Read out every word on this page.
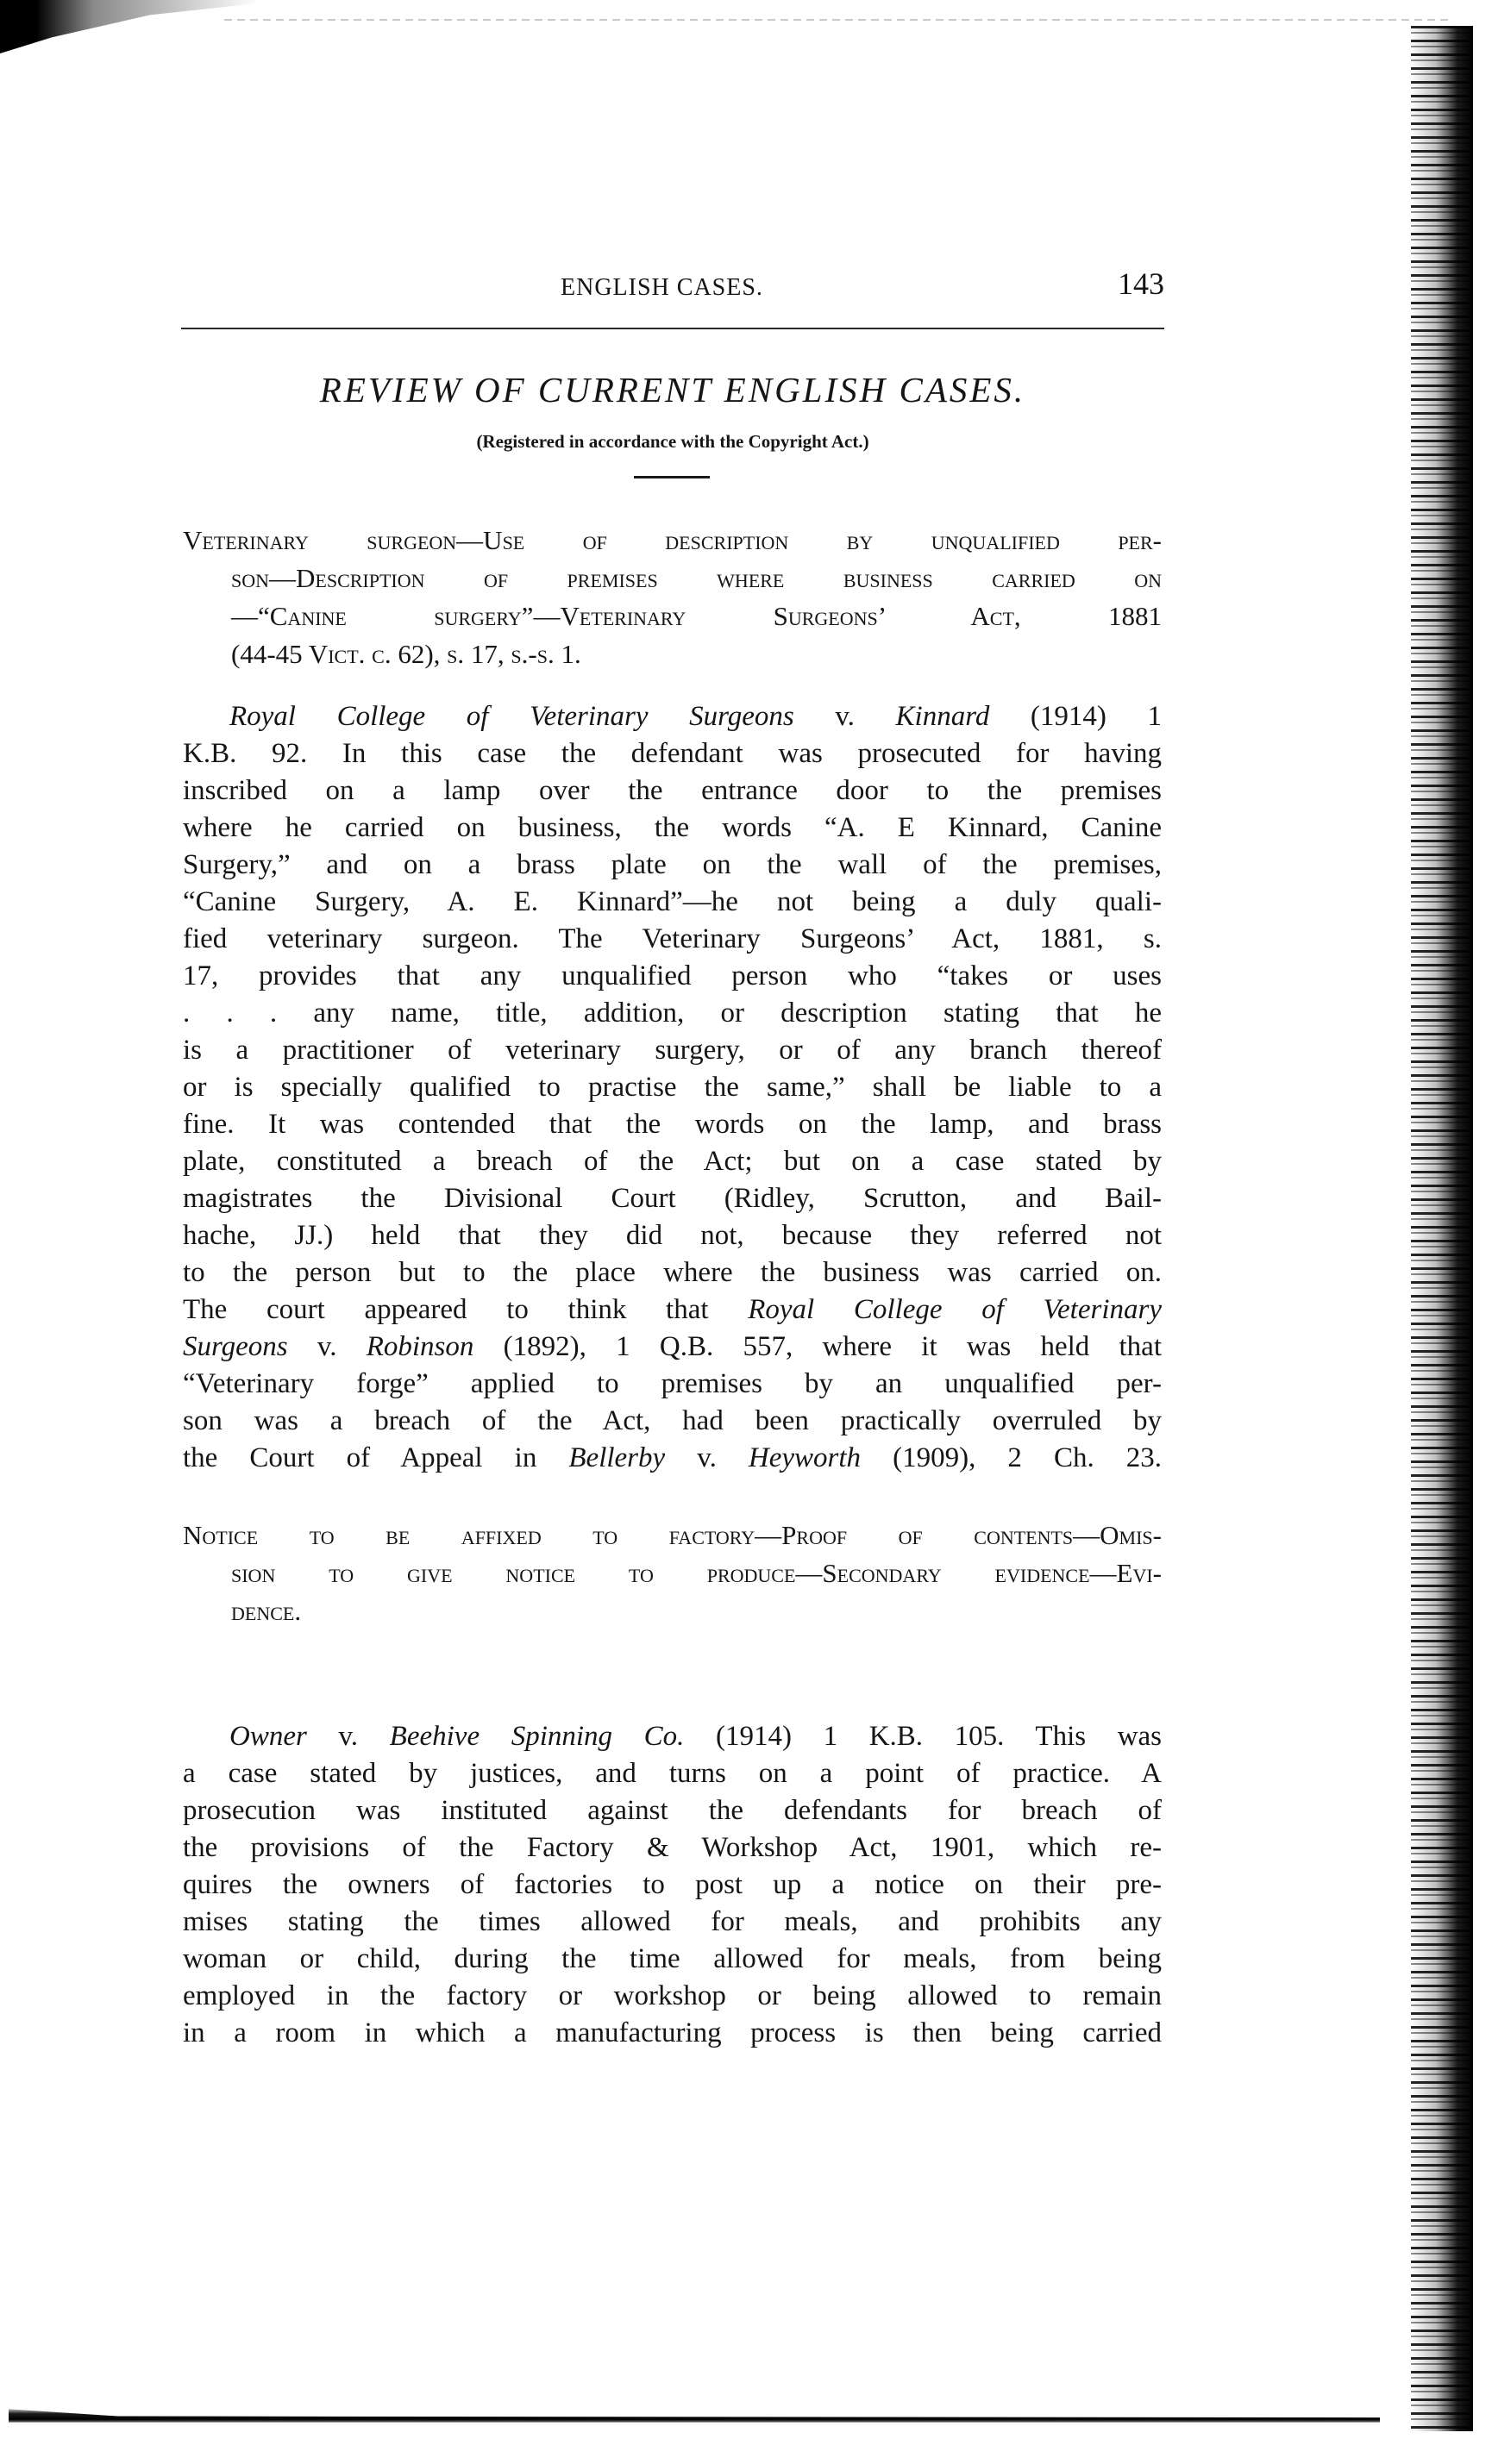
ENGLISH CASES.	143
REVIEW OF CURRENT ENGLISH CASES.
(Registered in accordance with the Copyright Act.)
Veterinary surgeon—Use of description by unqualified per-
son—Description of premises where business carried on
—“Canine surgery”—Veterinary Surgeons’ Act, 1881
(44-45 Vict. c. 62), s. 17, s.-s. 1.
Royal College of Veterinary Surgeons v. Kinnard (1914) 1
K.B. 92. In this case the defendant was prosecuted for having
inscribed on a lamp over the entrance door to the premises
where he carried on business, the words “A. E Kinnard, Canine
Surgery,” and on a brass plate on the wall of the premises,
“Canine Surgery, A. E. Kinnard”—he not being a duly quali-
fied veterinary surgeon. The Veterinary Surgeons’ Act, 1881, s.
17, provides that any unqualified person who “takes or uses
. . . any name, title, addition, or description stating that he
is a practitioner of veterinary surgery, or of any branch thereof
or is specially qualified to practise the same,” shall be liable to a
fine. It was contended that the words on the lamp, and brass
plate, constituted a breach of the Act; but on a case stated by
magistrates the Divisional Court (Ridley, Scrutton, and Bail-
hache, JJ.) held that they did not, because they referred not
to the person but to the place where the business was carried on.
The court appeared to think that Royal College of Veterinary
Surgeons v. Robinson (1892), 1 Q.B. 557, where it was held that
“Veterinary forge” applied to premises by an unqualified per-
son was a breach of the Act, had been practically overruled by
the Court of Appeal in Bellerby v. Heyworth (1909), 2 Ch. 23.
Notice to be affixed to factory—Proof of contents—Omis-
sion to give notice to produce—Secondary evidence—Evi-
dence.
Owner v. Beehive Spinning Co. (1914) 1 K.B. 105. This was
a case stated by justices, and turns on a point of practice. A
prosecution was instituted against the defendants for breach of
the provisions of the Factory & Workshop Act, 1901, which re-
quires the owners of factories to post up a notice on their pre-
mises stating the times allowed for meals, and prohibits any
woman or child, during the time allowed for meals, from being
employed in the factory or workshop or being allowed to remain
in a room in which a manufacturing process is then being carried
